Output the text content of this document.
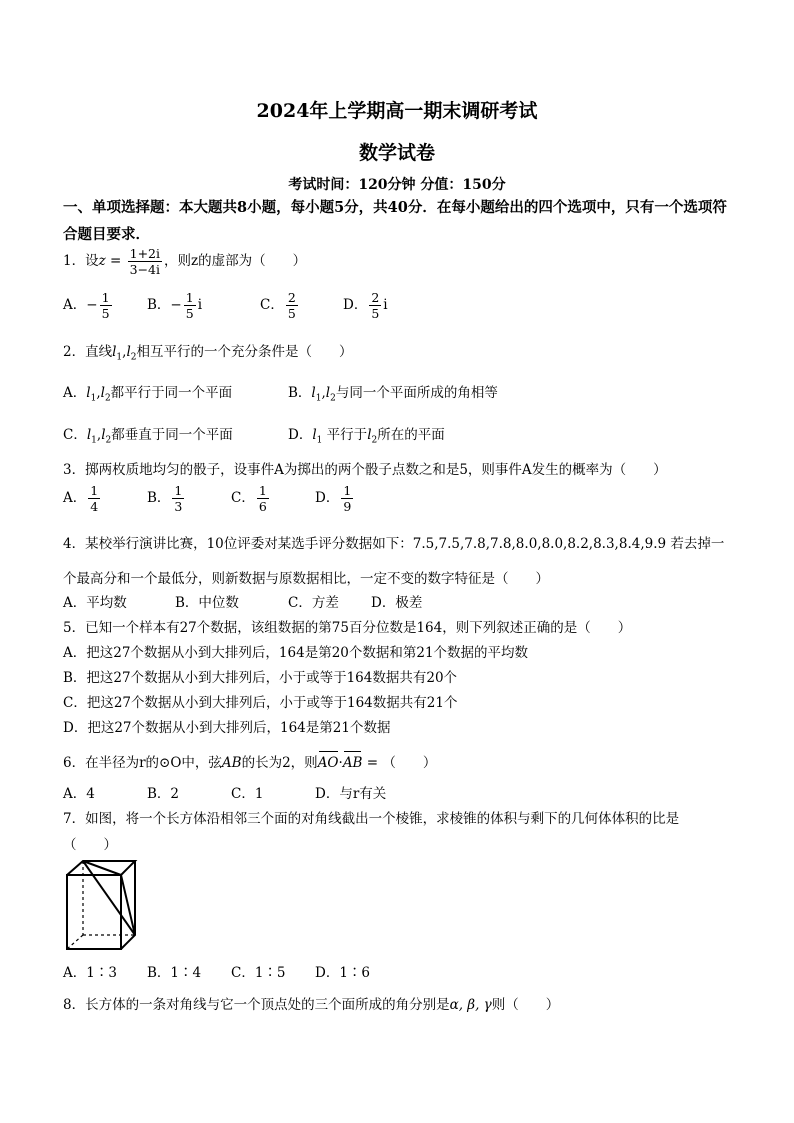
2024年上学期高一期末调研考试
数学试卷
考试时间：120分钟 分值：150分
一、单项选择题：本大题共8小题，每小题5分，共40分．在每小题给出的四个选项中，只有一个选项符合题目要求．
1．设$z = \frac{1+2i}{3-4i}$ ，则z的虚部为（　　）
A．− $\frac{1}{5}$	B．− $\frac{1}{5}$ i	C． $\frac{2}{5}$	D． $\frac{2}{5}$ i
2．直线$l_1,l_2$相互平行的一个充分条件是（　　）
A．$l_1,l_2$都平行于同一个平面	B．$l_1,l_2$与同一个平面所成的角相等
C．$l_1,l_2$都垂直于同一个平面	D．$l_1$ 平行于$l_2$所在的平面
3．掷两枚质地均匀的骰子，设事件A为掷出的两个骰子点数之和是5，则事件A发生的概率为（　　）
A． $\frac{1}{4}$	B． $\frac{1}{3}$	C． $\frac{1}{6}$	D． $\frac{1}{9}$
4．某校举行演讲比赛，10位评委对某选手评分数据如下：7.5,7.5,7.8,7.8,8.0,8.0,8.2,8.3,8.4,9.9 若去掉一
个最高分和一个最低分，则新数据与原数据相比，一定不变的数字特征是（　　）
A．平均数	B．中位数	C．方差 D．极差
5．已知一个样本有27个数据，该组数据的第75百分位数是164，则下列叙述正确的是（　　）
A．把这27个数据从小到大排列后，164是第20个数据和第21个数据的平均数
B．把这27个数据从小到大排列后，小于或等于164数据共有20个
C．把这27个数据从小到大排列后，小于或等于164数据共有21个
D．把这27个数据从小到大排列后，164是第21个数据
6．在半径为r的⊙O中，弦AB的长为2，则AO·AB = （　　）
A．4	B．2	C．1	D．与r有关
7．如图，将一个长方体沿相邻三个面的对角线截出一个棱锥，求棱锥的体积与剩下的几何体体积的比是
（　　）
A．1∶3 B．1∶4 C．1∶5 D．1∶6
8．长方体的一条对角线与它一个顶点处的三个面所成的角分别是α, β, γ则（　　）
